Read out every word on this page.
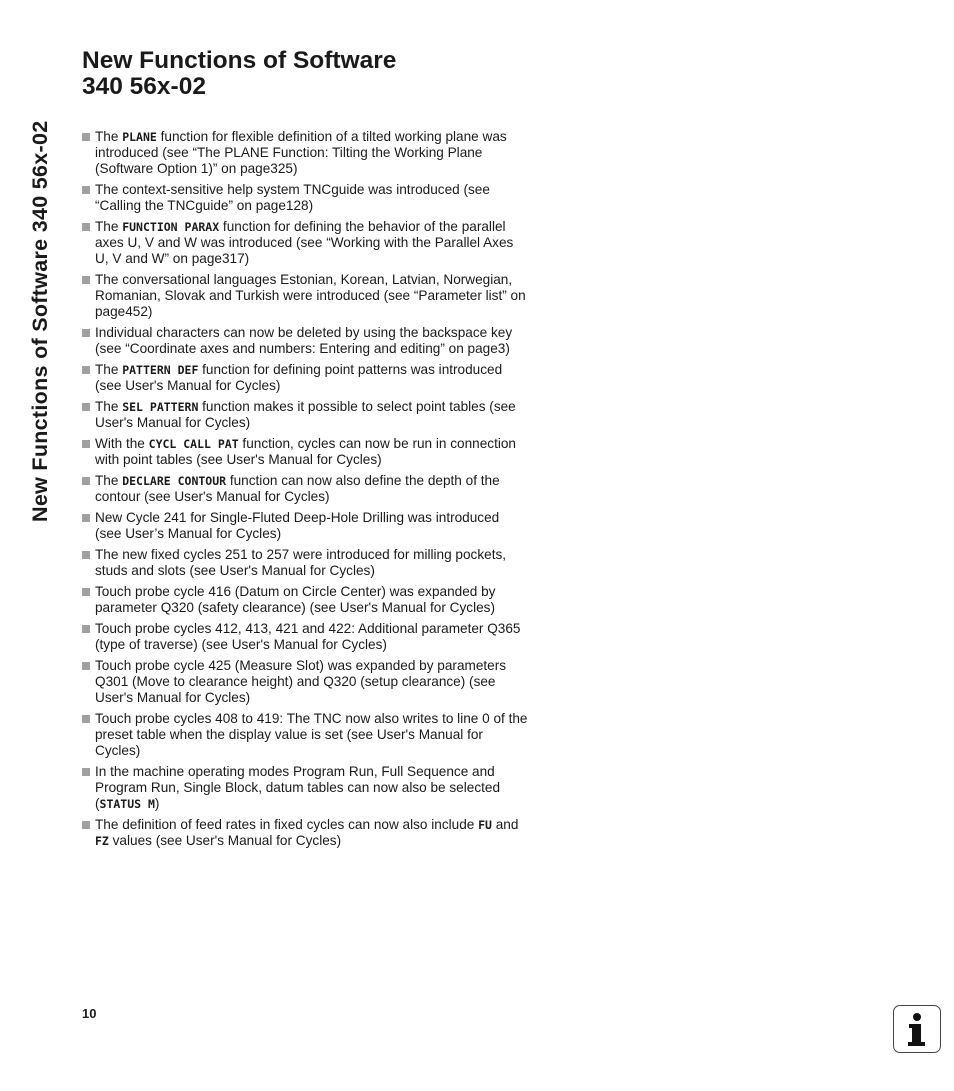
New Functions of Software 340 56x-02
New Functions of Software
340 56x-02
The PLANE function for flexible definition of a tilted working plane was introduced (see “The PLANE Function: Tilting the Working Plane (Software Option 1)” on page325)
The context-sensitive help system TNCguide was introduced (see “Calling the TNCguide” on page128)
The FUNCTION PARAX function for defining the behavior of the parallel axes U, V and W was introduced (see “Working with the Parallel Axes U, V and W” on page317)
The conversational languages Estonian, Korean, Latvian, Norwegian, Romanian, Slovak and Turkish were introduced (see “Parameter list” on page452)
Individual characters can now be deleted by using the backspace key (see “Coordinate axes and numbers: Entering and editing” on page3)
The PATTERN DEF function for defining point patterns was introduced (see User's Manual for Cycles)
The SEL PATTERN function makes it possible to select point tables (see User's Manual for Cycles)
With the CYCL CALL PAT function, cycles can now be run in connection with point tables (see User's Manual for Cycles)
The DECLARE CONTOUR function can now also define the depth of the contour (see User's Manual for Cycles)
New Cycle 241 for Single-Fluted Deep-Hole Drilling was introduced (see User’s Manual for Cycles)
The new fixed cycles 251 to 257 were introduced for milling pockets, studs and slots (see User's Manual for Cycles)
Touch probe cycle 416 (Datum on Circle Center) was expanded by parameter Q320 (safety clearance) (see User's Manual for Cycles)
Touch probe cycles 412, 413, 421 and 422: Additional parameter Q365 (type of traverse) (see User's Manual for Cycles)
Touch probe cycle 425 (Measure Slot) was expanded by parameters Q301 (Move to clearance height) and Q320 (setup clearance) (see User's Manual for Cycles)
Touch probe cycles 408 to 419: The TNC now also writes to line 0 of the preset table when the display value is set (see User's Manual for Cycles)
In the machine operating modes Program Run, Full Sequence and Program Run, Single Block, datum tables can now also be selected (STATUS M)
The definition of feed rates in fixed cycles can now also include FU and FZ values (see User's Manual for Cycles)
10
